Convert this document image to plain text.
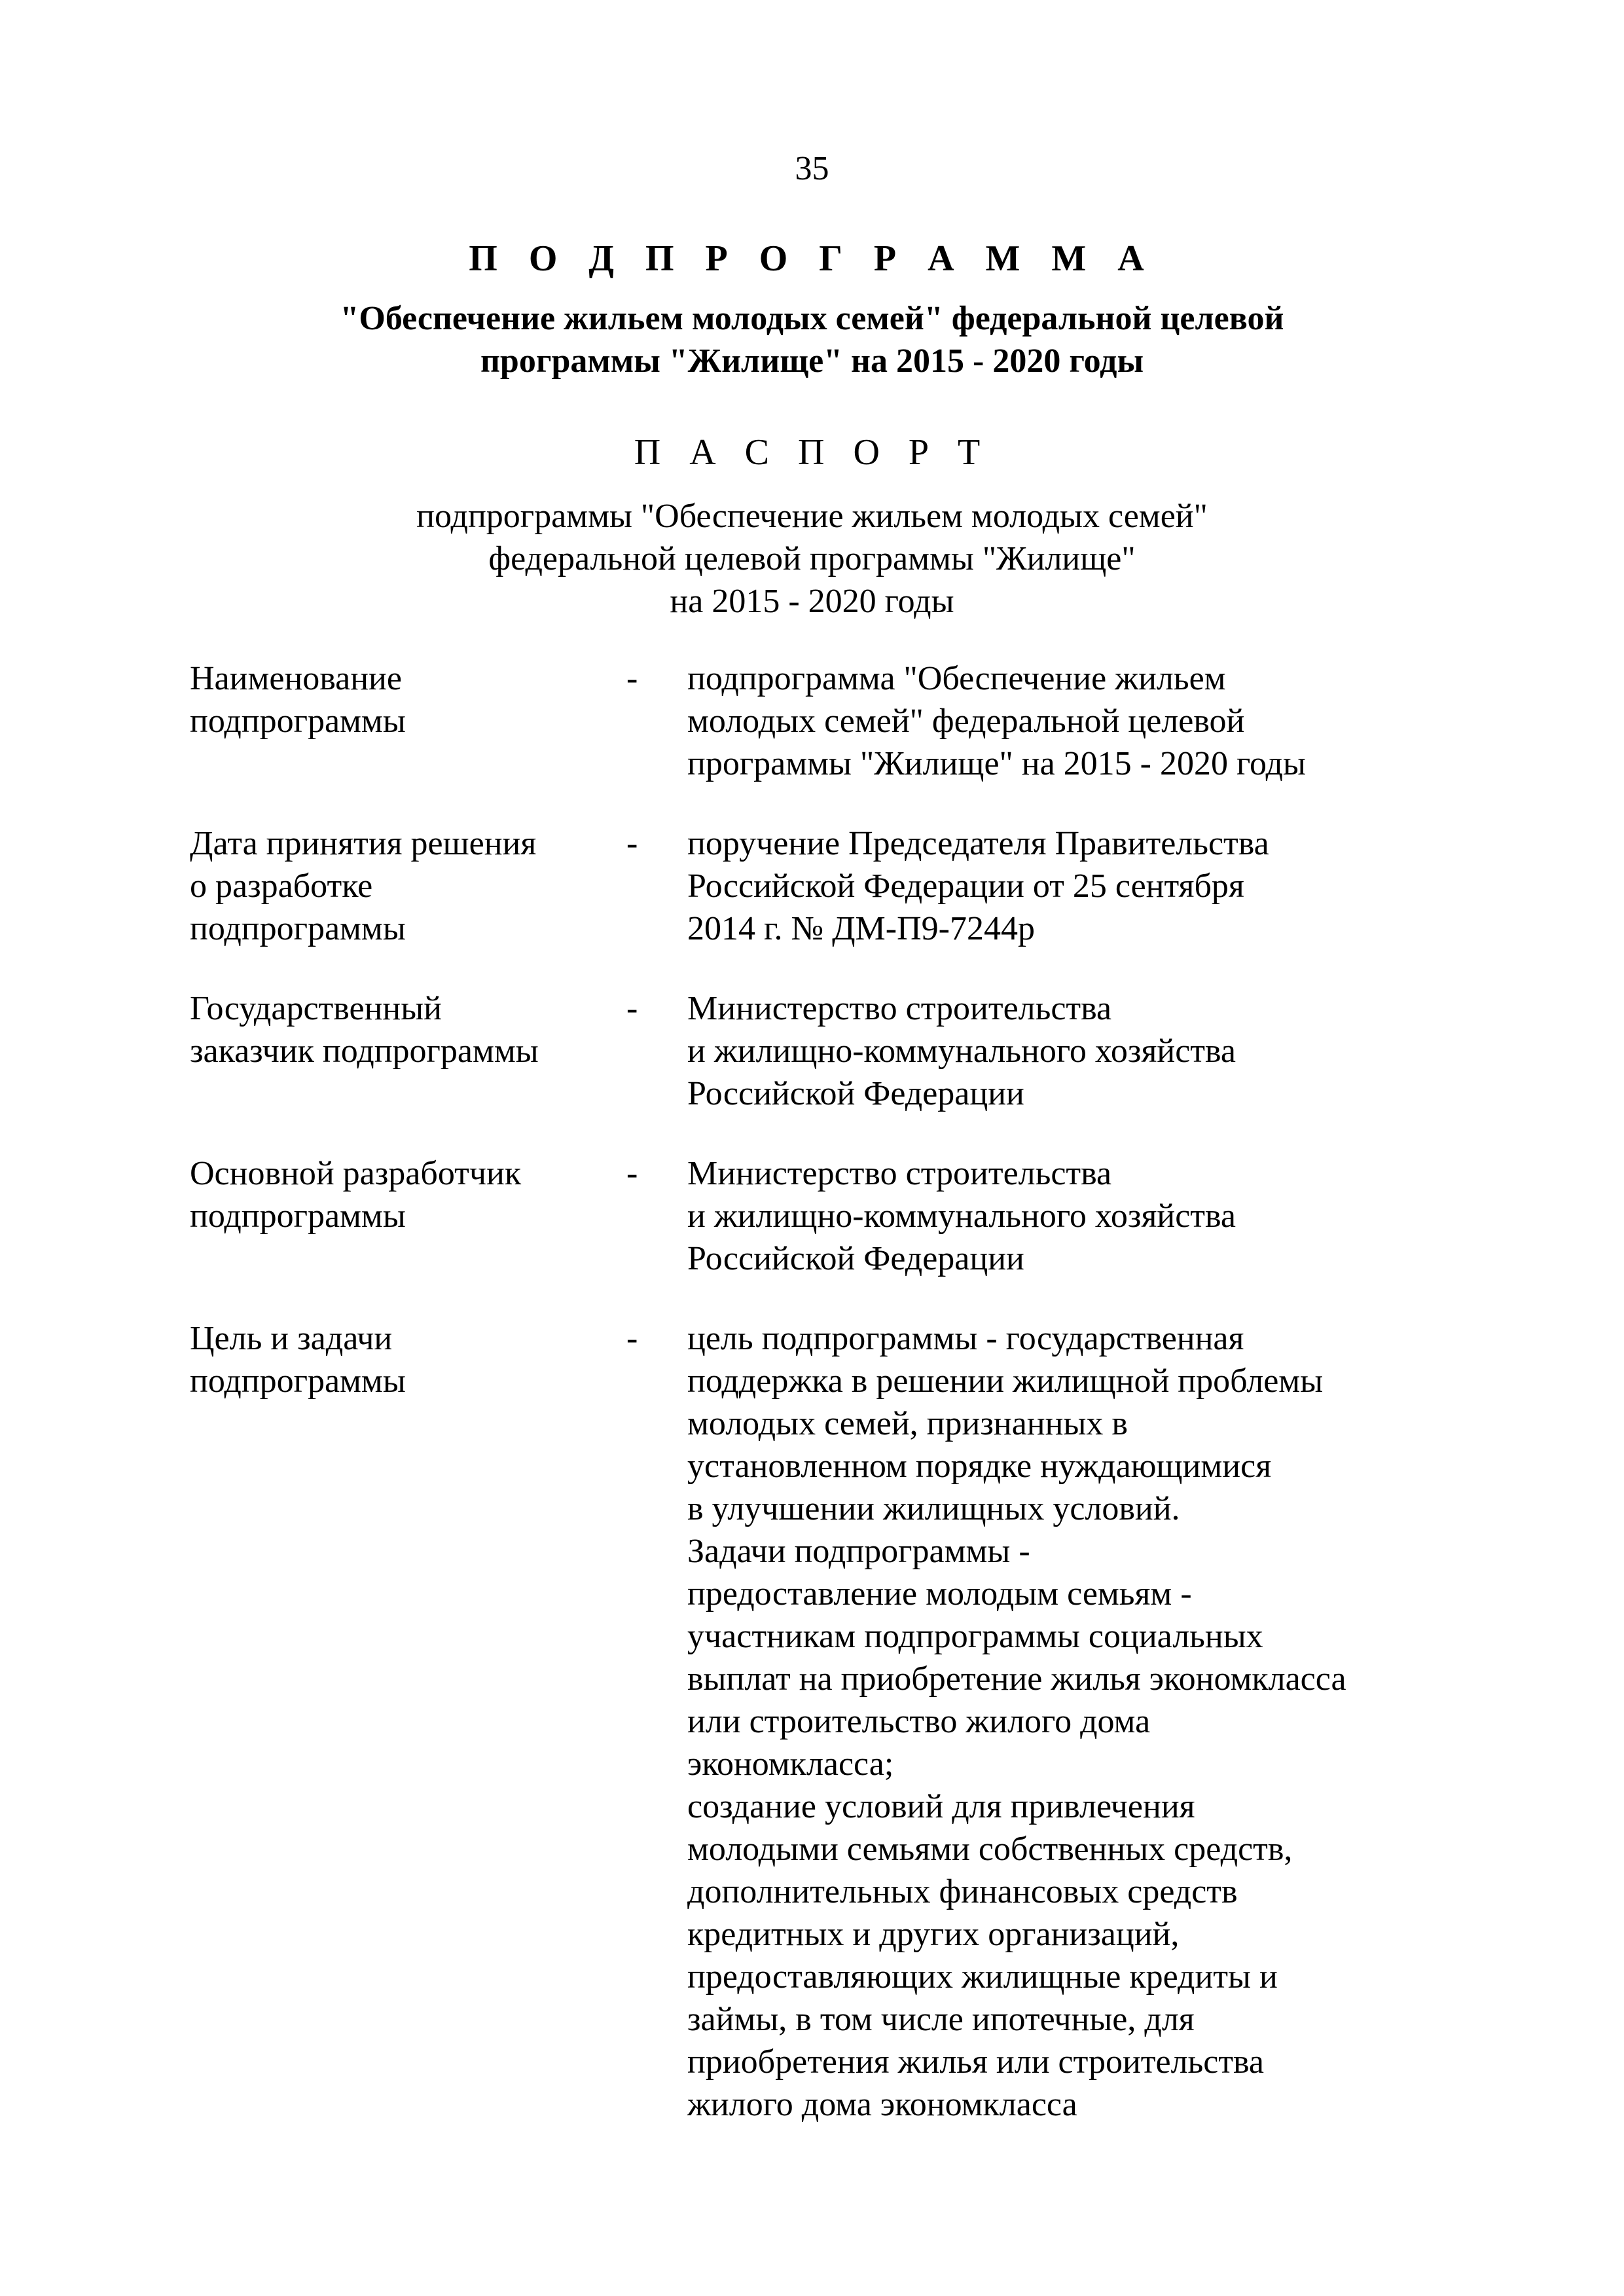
35
П О Д П Р О Г Р А М М А
"Обеспечение жильем молодых семей" федеральной целевой
программы "Жилище" на 2015 - 2020 годы
П А С П О Р Т
подпрограммы "Обеспечение жильем молодых семей"
федеральной целевой программы "Жилище"
на 2015 - 2020 годы
Наименование
подпрограммы
-	подпрограмма "Обеспечение жильем
молодых семей" федеральной целевой
программы "Жилище" на 2015 - 2020 годы
Дата принятия решения
о разработке
подпрограммы
-	поручение Председателя Правительства
Российской Федерации от 25 сентября
2014 г. № ДМ-П9-7244р
Государственный
заказчик подпрограммы
-	Министерство строительства
и жилищно-коммунального хозяйства
Российской Федерации
Основной разработчик
подпрограммы
-	Министерство строительства
и жилищно-коммунального хозяйства
Российской Федерации
Цель и задачи
подпрограммы
-	цель подпрограммы - государственная
поддержка в решении жилищной проблемы
молодых семей, признанных в
установленном порядке нуждающимися
в улучшении жилищных условий.
Задачи подпрограммы -
предоставление молодым семьям -
участникам подпрограммы социальных
выплат на приобретение жилья экономкласса
или строительство жилого дома
экономкласса;
создание условий для привлечения
молодыми семьями собственных средств,
дополнительных финансовых средств
кредитных и других организаций,
предоставляющих жилищные кредиты и
займы, в том числе ипотечные, для
приобретения жилья или строительства
жилого дома экономкласса
